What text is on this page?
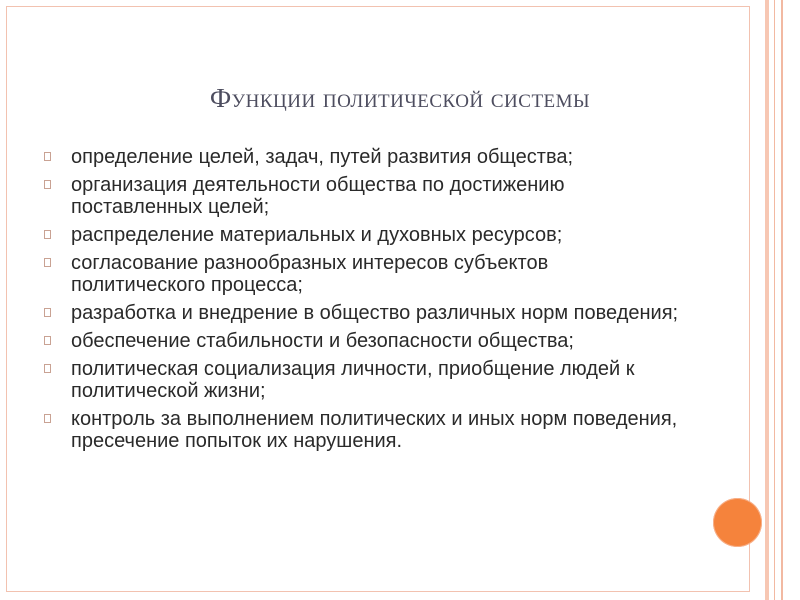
Функции политической системы
определение целей, задач, путей развития общества;
организация деятельности общества по достижению поставленных целей;
распределение материальных и духовных ресурсов;
согласование разнообразных интересов субъектов политического процесса;
разработка и внедрение в общество различных норм поведения;
обеспечение стабильности и безопасности общества;
политическая социализация личности, приобщение людей к политической жизни;
контроль за выполнением политических и иных норм поведения, пресечение попыток их нарушения.
